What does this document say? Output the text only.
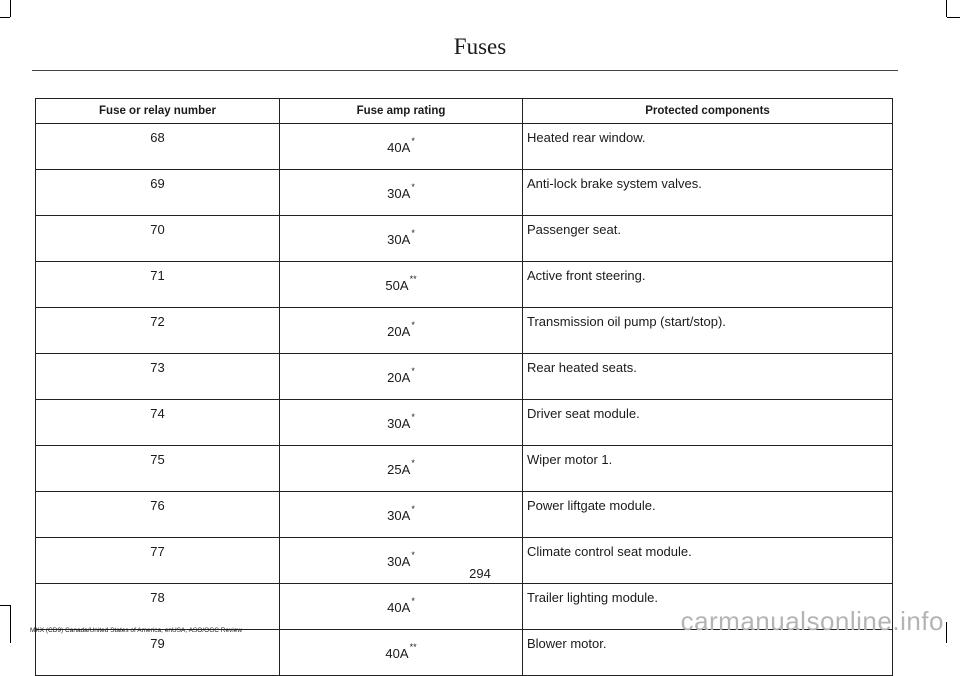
Fuses
Fuse or relay number	Fuse amp rating	Protected components
68	40A*	Heated rear window.
69	30A*	Anti-lock brake system valves.
70	30A*	Passenger seat.
71	50A**	Active front steering.
72	20A*	Transmission oil pump (start/stop).
73	20A*	Rear heated seats.
74	30A*	Driver seat module.
75	25A*	Wiper motor 1.
76	30A*	Power liftgate module.
77	30A*	Climate control seat module.
78	40A*	Trailer lighting module.
79	40A**	Blower motor.
294
MKX (CD9) Canada/United States of America, enUSA, ASO/OGC Review	carmanualsonline.info
